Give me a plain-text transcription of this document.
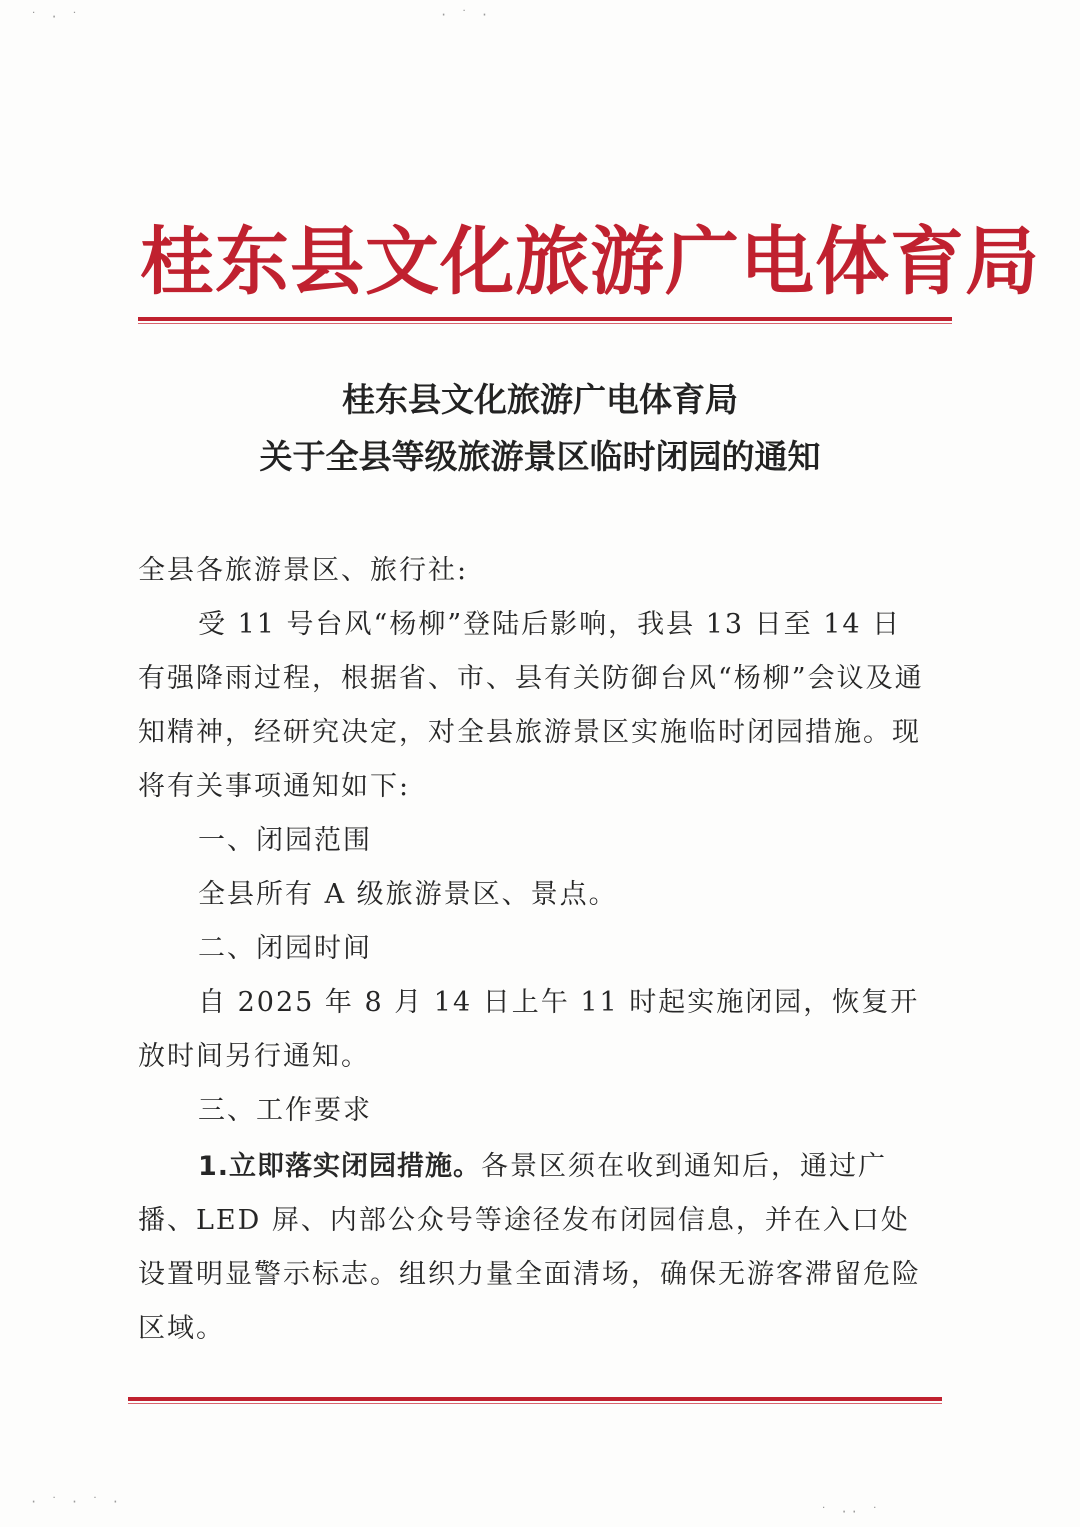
桂东县文化旅游广电体育局
桂东县文化旅游广电体育局
关于全县等级旅游景区临时闭园的通知
全县各旅游景区、旅行社:
受 11 号台风“杨柳”登陆后影响，我县 13 日至 14 日有强降雨过程，根据省、市、县有关防御台风“杨柳”会议及通知精神，经研究决定，对全县旅游景区实施临时闭园措施。现将有关事项通知如下:
一、闭园范围
全县所有 A 级旅游景区、景点。
二、闭园时间
自 2025 年 8 月 14 日上午 11 时起实施闭园，恢复开放时间另行通知。
三、工作要求
1.立即落实闭园措施。各景区须在收到通知后，通过广播、LED 屏、内部公众号等途径发布闭园信息，并在入口处设置明显警示标志。组织力量全面清场，确保无游客滞留危险区域。
· ˙ · ˙ ·
˙ ·· ˙
˙ · ˙	· ˙ ·
